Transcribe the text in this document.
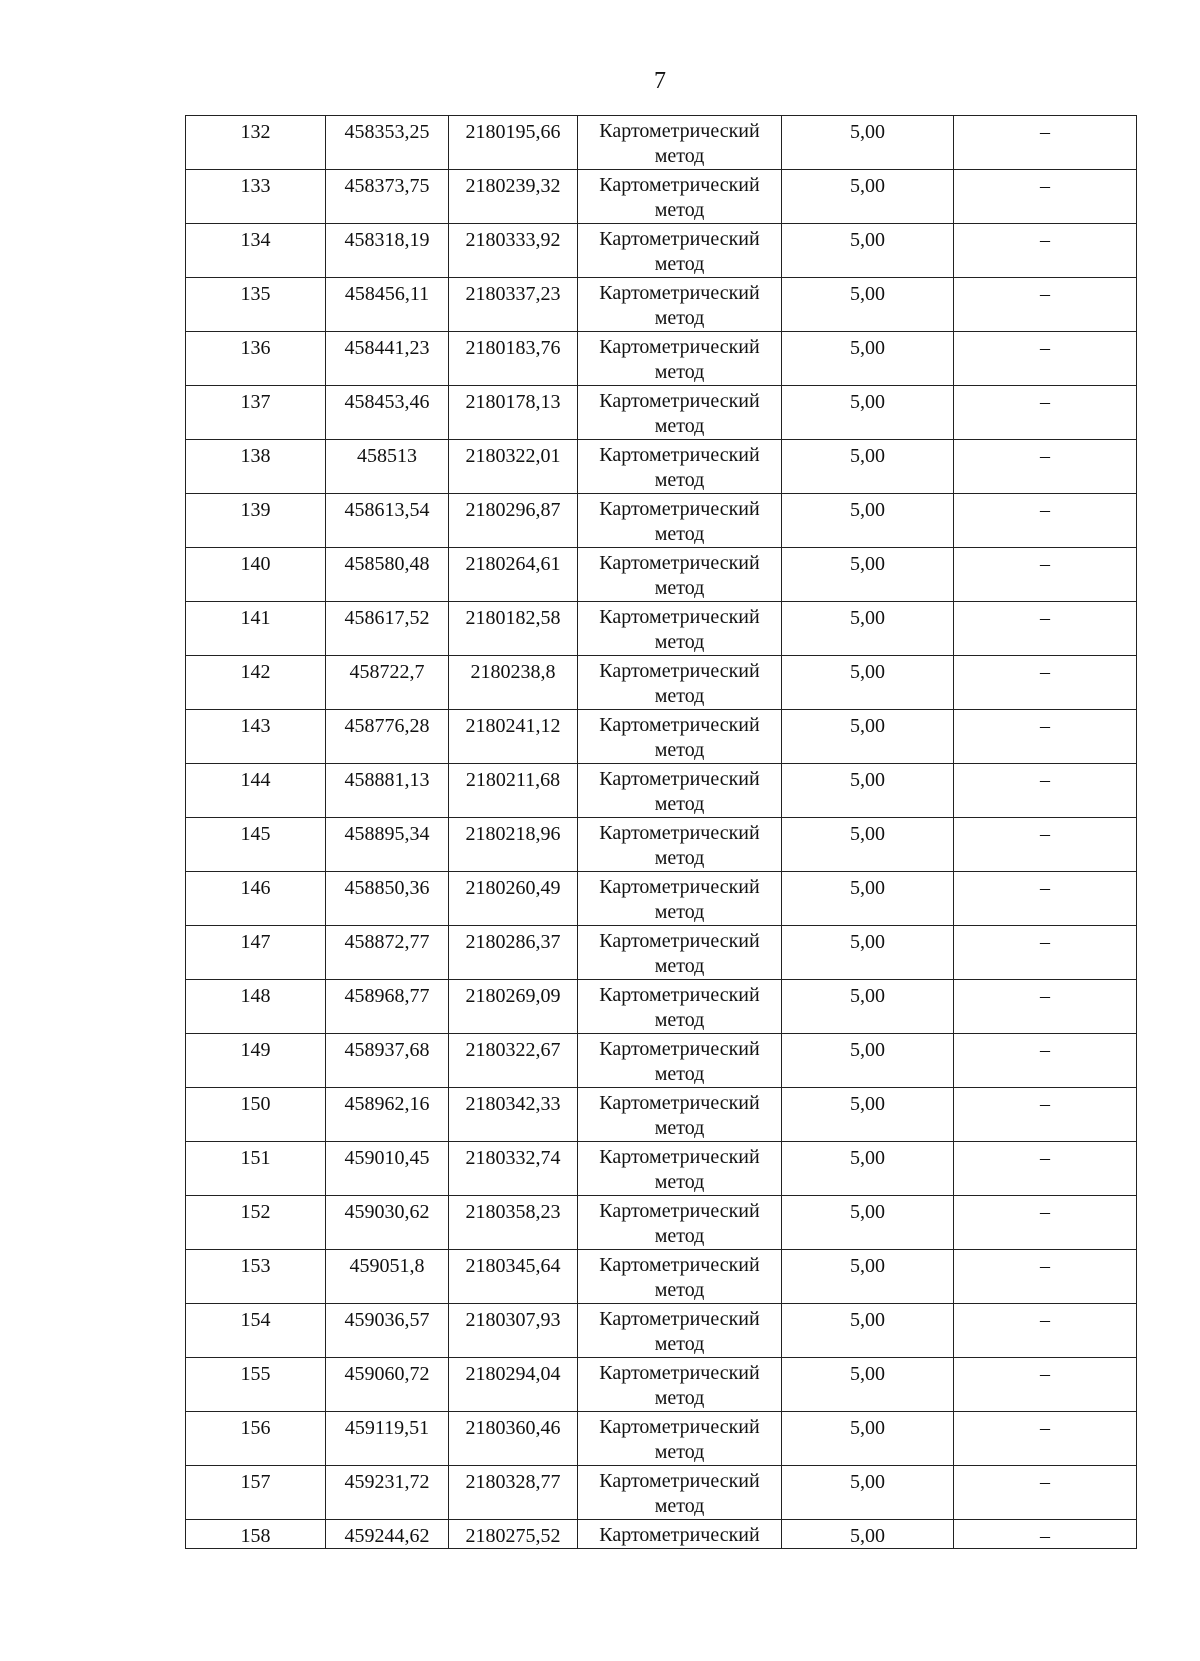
7
132	458353,25	2180195,66	Картометрический метод	5,00	–

133	458373,75	2180239,32	Картометрический метод	5,00	–

134	458318,19	2180333,92	Картометрический метод	5,00	–

135	458456,11	2180337,23	Картометрический метод	5,00	–

136	458441,23	2180183,76	Картометрический метод	5,00	–

137	458453,46	2180178,13	Картометрический метод	5,00	–

138	458513	2180322,01	Картометрический метод	5,00	–

139	458613,54	2180296,87	Картометрический метод	5,00	–

140	458580,48	2180264,61	Картометрический метод	5,00	–

141	458617,52	2180182,58	Картометрический метод	5,00	–

142	458722,7	2180238,8	Картометрический метод	5,00	–

143	458776,28	2180241,12	Картометрический метод	5,00	–

144	458881,13	2180211,68	Картометрический метод	5,00	–

145	458895,34	2180218,96	Картометрический метод	5,00	–

146	458850,36	2180260,49	Картометрический метод	5,00	–

147	458872,77	2180286,37	Картометрический метод	5,00	–

148	458968,77	2180269,09	Картометрический метод	5,00	–

149	458937,68	2180322,67	Картометрический метод	5,00	–

150	458962,16	2180342,33	Картометрический метод	5,00	–

151	459010,45	2180332,74	Картометрический метод	5,00	–

152	459030,62	2180358,23	Картометрический метод	5,00	–

153	459051,8	2180345,64	Картометрический метод	5,00	–

154	459036,57	2180307,93	Картометрический метод	5,00	–

155	459060,72	2180294,04	Картометрический метод	5,00	–

156	459119,51	2180360,46	Картометрический метод	5,00	–

157	459231,72	2180328,77	Картометрический метод	5,00	–

158	459244,62	2180275,52	Картометрический	5,00	–
